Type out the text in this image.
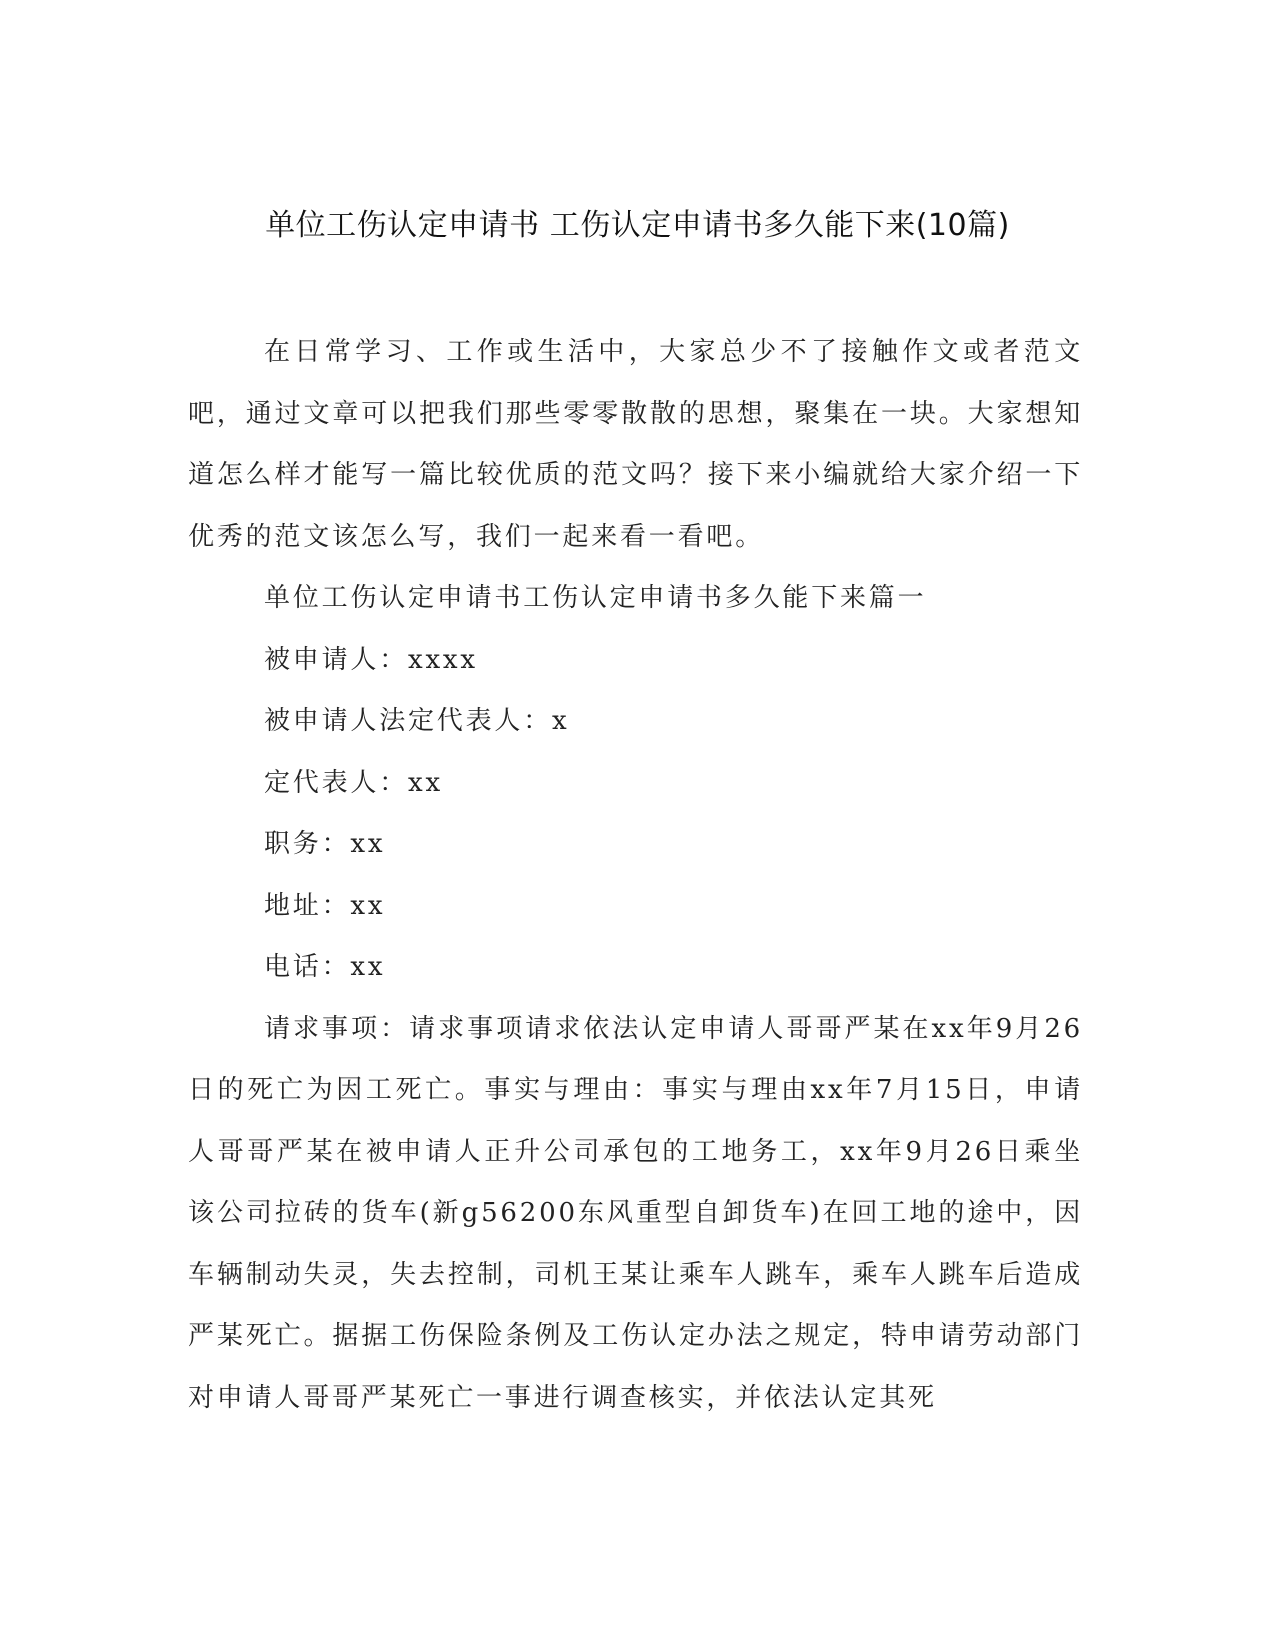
单位工伤认定申请书 工伤认定申请书多久能下来(10篇)

在日常学习、工作或生活中，大家总少不了接触作文或者范文吧，通过文章可以把我们那些零零散散的思想，聚集在一块。大家想知道怎么样才能写一篇比较优质的范文吗？接下来小编就给大家介绍一下优秀的范文该怎么写，我们一起来看一看吧。

单位工伤认定申请书工伤认定申请书多久能下来篇一

被申请人：xxxx

被申请人法定代表人：x

定代表人：xx

职务：xx

地址：xx

电话：xx

请求事项：请求事项请求依法认定申请人哥哥严某在xx年9月26日的死亡为因工死亡。事实与理由：事实与理由xx年7月15日，申请人哥哥严某在被申请人正升公司承包的工地务工，xx年9月26日乘坐该公司拉砖的货车(新g56200东风重型自卸货车)在回工地的途中，因车辆制动失灵，失去控制，司机王某让乘车人跳车，乘车人跳车后造成严某死亡。据据工伤保险条例及工伤认定办法之规定，特申请劳动部门对申请人哥哥严某死亡一事进行调查核实，并依法认定其死
